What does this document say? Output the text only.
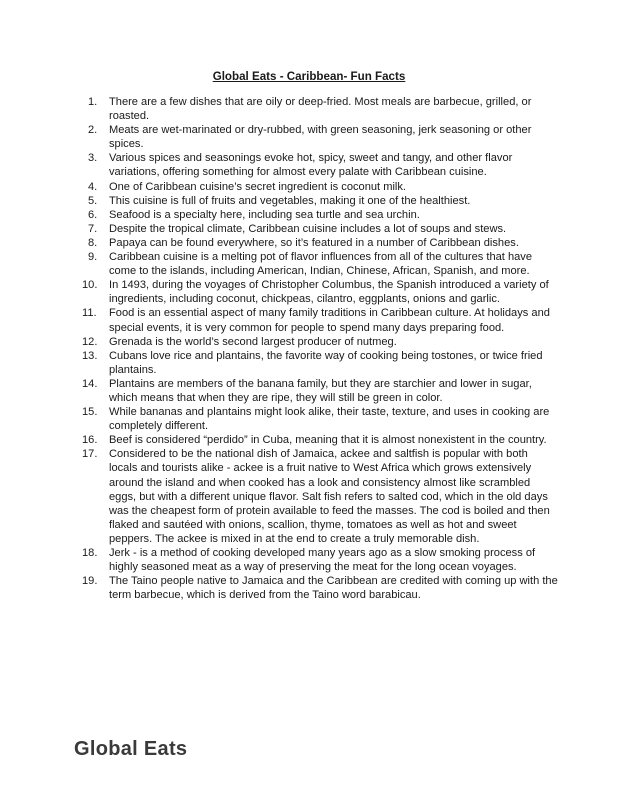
Global Eats - Caribbean- Fun Facts
1.	There are a few dishes that are oily or deep-fried. Most meals are barbecue, grilled, or roasted.
2.	Meats are wet-marinated or dry-rubbed, with green seasoning, jerk seasoning or other spices.
3.	Various spices and seasonings evoke hot, spicy, sweet and tangy, and other flavor variations, offering something for almost every palate with Caribbean cuisine.
4.	One of Caribbean cuisine’s secret ingredient is coconut milk.
5.	This cuisine is full of fruits and vegetables, making it one of the healthiest.
6.	Seafood is a specialty here, including sea turtle and sea urchin.
7.	Despite the tropical climate, Caribbean cuisine includes a lot of soups and stews.
8.	Papaya can be found everywhere, so it’s featured in a number of Caribbean dishes.
9.	Caribbean cuisine is a melting pot of flavor influences from all of the cultures that have come to the islands, including American, Indian, Chinese, African, Spanish, and more.
10.	In 1493, during the voyages of Christopher Columbus, the Spanish introduced a variety of ingredients, including coconut, chickpeas, cilantro, eggplants, onions and garlic.
11.	Food is an essential aspect of many family traditions in Caribbean culture. At holidays and special events, it is very common for people to spend many days preparing food.
12.	Grenada is the world’s second largest producer of nutmeg.
13.	Cubans love rice and plantains, the favorite way of cooking being tostones, or twice fried plantains.
14.	Plantains are members of the banana family, but they are starchier and lower in sugar, which means that when they are ripe, they will still be green in color.
15.	While bananas and plantains might look alike, their taste, texture, and uses in cooking are completely different.
16.	Beef is considered “perdido” in Cuba, meaning that it is almost nonexistent in the country.
17.	Considered to be the national dish of Jamaica, ackee and saltfish is popular with both locals and tourists alike - ackee is a fruit native to West Africa which grows extensively around the island and when cooked has a look and consistency almost like scrambled eggs, but with a different unique flavor. Salt fish refers to salted cod, which in the old days was the cheapest form of protein available to feed the masses. The cod is boiled and then flaked and sautéed with onions, scallion, thyme, tomatoes as well as hot and sweet peppers. The ackee is mixed in at the end to create a truly memorable dish.
18.	Jerk - is a method of cooking developed many years ago as a slow smoking process of highly seasoned meat as a way of preserving the meat for the long ocean voyages.
19.	The Taino people native to Jamaica and the Caribbean are credited with coming up with the term barbecue, which is derived from the Taino word barabicau.
Global Eats
